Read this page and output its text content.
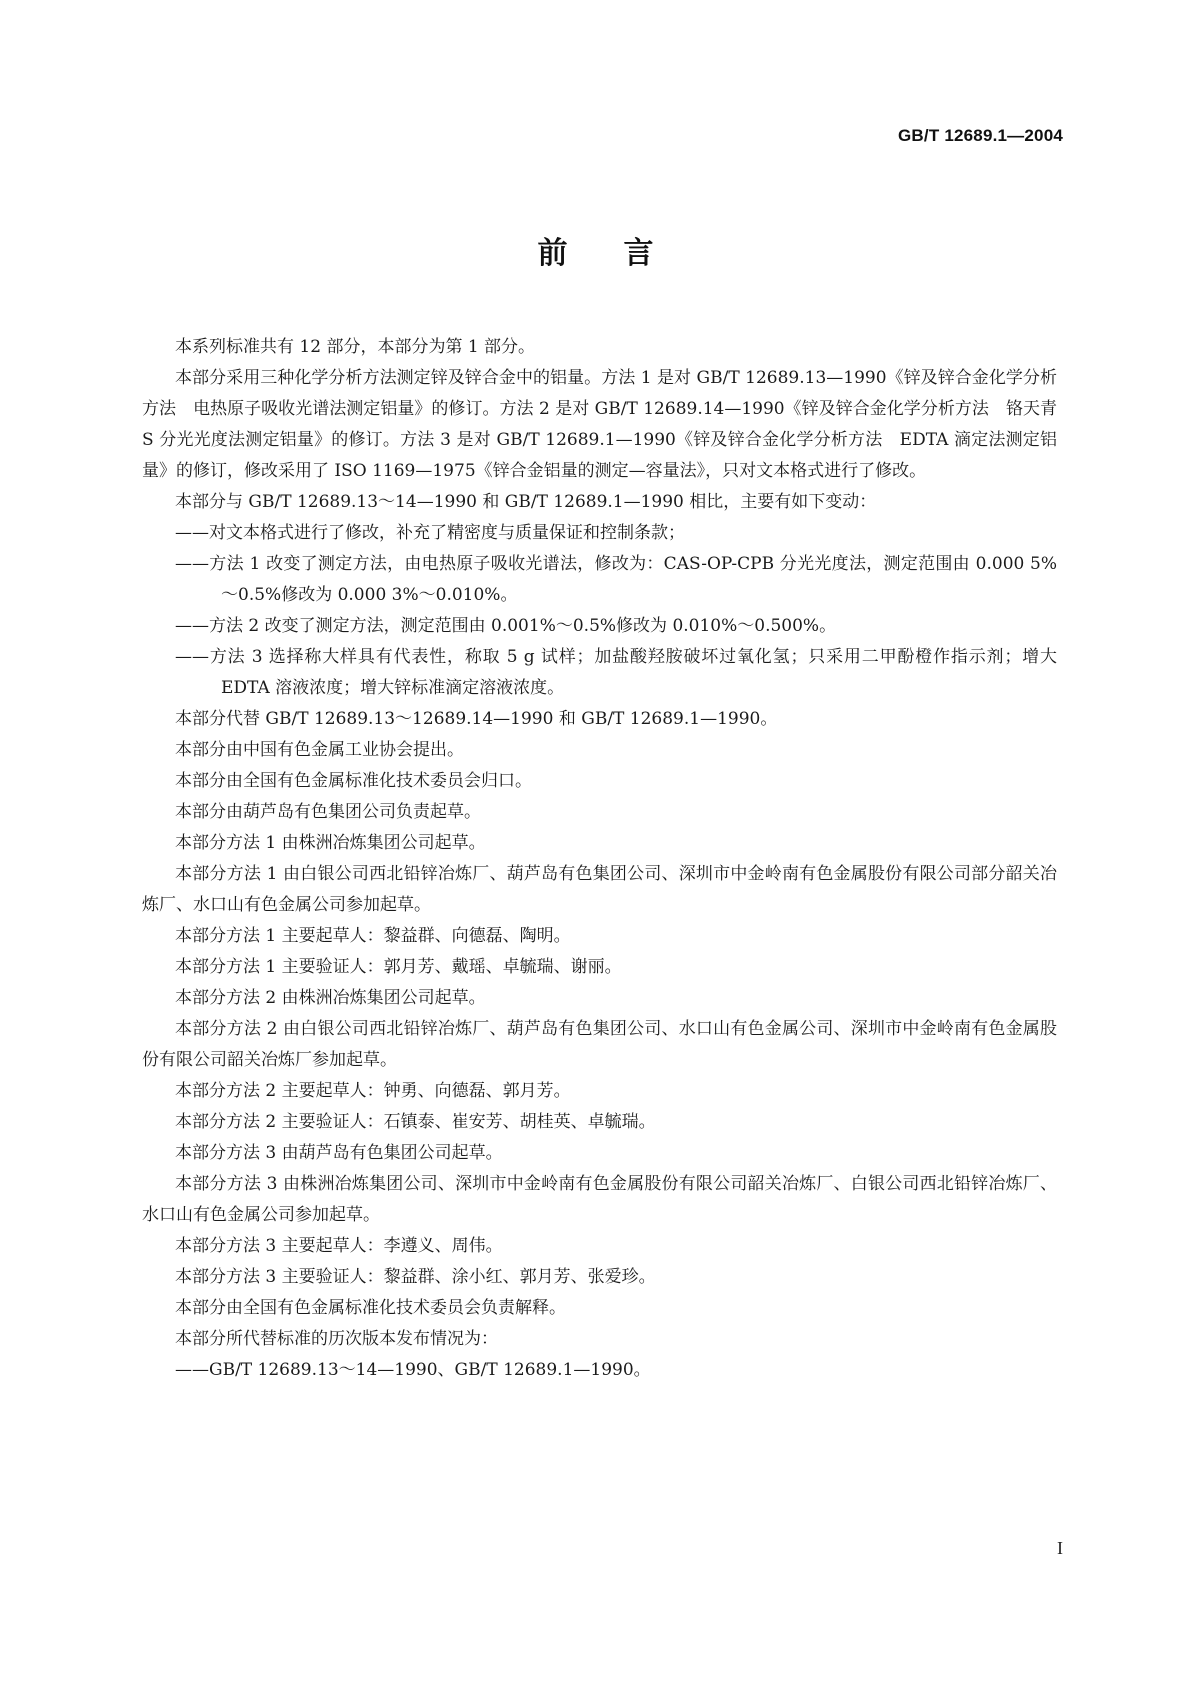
GB/T 12689.1—2004
前言

本系列标准共有 12 部分，本部分为第 1 部分。

本部分采用三种化学分析方法测定锌及锌合金中的铝量。方法 1 是对 GB/T 12689.13—1990《锌及锌合金化学分析方法　电热原子吸收光谱法测定铝量》的修订。方法 2 是对 GB/T 12689.14—1990《锌及锌合金化学分析方法　铬天青 S 分光光度法测定铝量》的修订。方法 3 是对 GB/T 12689.1—1990《锌及锌合金化学分析方法　EDTA 滴定法测定铝量》的修订，修改采用了 ISO 1169—1975《锌合金铝量的测定—容量法》，只对文本格式进行了修改。

本部分与 GB/T 12689.13～14—1990 和 GB/T 12689.1—1990 相比，主要有如下变动：

——对文本格式进行了修改，补充了精密度与质量保证和控制条款；

——方法 1 改变了测定方法，由电热原子吸收光谱法，修改为：CAS-OP-CPB 分光光度法，测定范围由 0.000 5%～0.5%修改为 0.000 3%～0.010%。

——方法 2 改变了测定方法，测定范围由 0.001%～0.5%修改为 0.010%～0.500%。

——方法 3 选择称大样具有代表性，称取 5 g 试样；加盐酸羟胺破坏过氧化氢；只采用二甲酚橙作指示剂；增大 EDTA 溶液浓度；增大锌标准滴定溶液浓度。

本部分代替 GB/T 12689.13～12689.14—1990 和 GB/T 12689.1—1990。

本部分由中国有色金属工业协会提出。

本部分由全国有色金属标准化技术委员会归口。

本部分由葫芦岛有色集团公司负责起草。

本部分方法 1 由株洲冶炼集团公司起草。

本部分方法 1 由白银公司西北铅锌冶炼厂、葫芦岛有色集团公司、深圳市中金岭南有色金属股份有限公司部分韶关冶炼厂、水口山有色金属公司参加起草。

本部分方法 1 主要起草人：黎益群、向德磊、陶明。

本部分方法 1 主要验证人：郭月芳、戴瑶、卓毓瑞、谢丽。

本部分方法 2 由株洲冶炼集团公司起草。

本部分方法 2 由白银公司西北铅锌冶炼厂、葫芦岛有色集团公司、水口山有色金属公司、深圳市中金岭南有色金属股份有限公司韶关冶炼厂参加起草。

本部分方法 2 主要起草人：钟勇、向德磊、郭月芳。

本部分方法 2 主要验证人：石镇泰、崔安芳、胡桂英、卓毓瑞。

本部分方法 3 由葫芦岛有色集团公司起草。

本部分方法 3 由株洲冶炼集团公司、深圳市中金岭南有色金属股份有限公司韶关冶炼厂、白银公司西北铅锌冶炼厂、水口山有色金属公司参加起草。

本部分方法 3 主要起草人：李遵义、周伟。

本部分方法 3 主要验证人：黎益群、涂小红、郭月芳、张爱珍。

本部分由全国有色金属标准化技术委员会负责解释。

本部分所代替标准的历次版本发布情况为：

——GB/T 12689.13～14—1990、GB/T 12689.1—1990。

I
